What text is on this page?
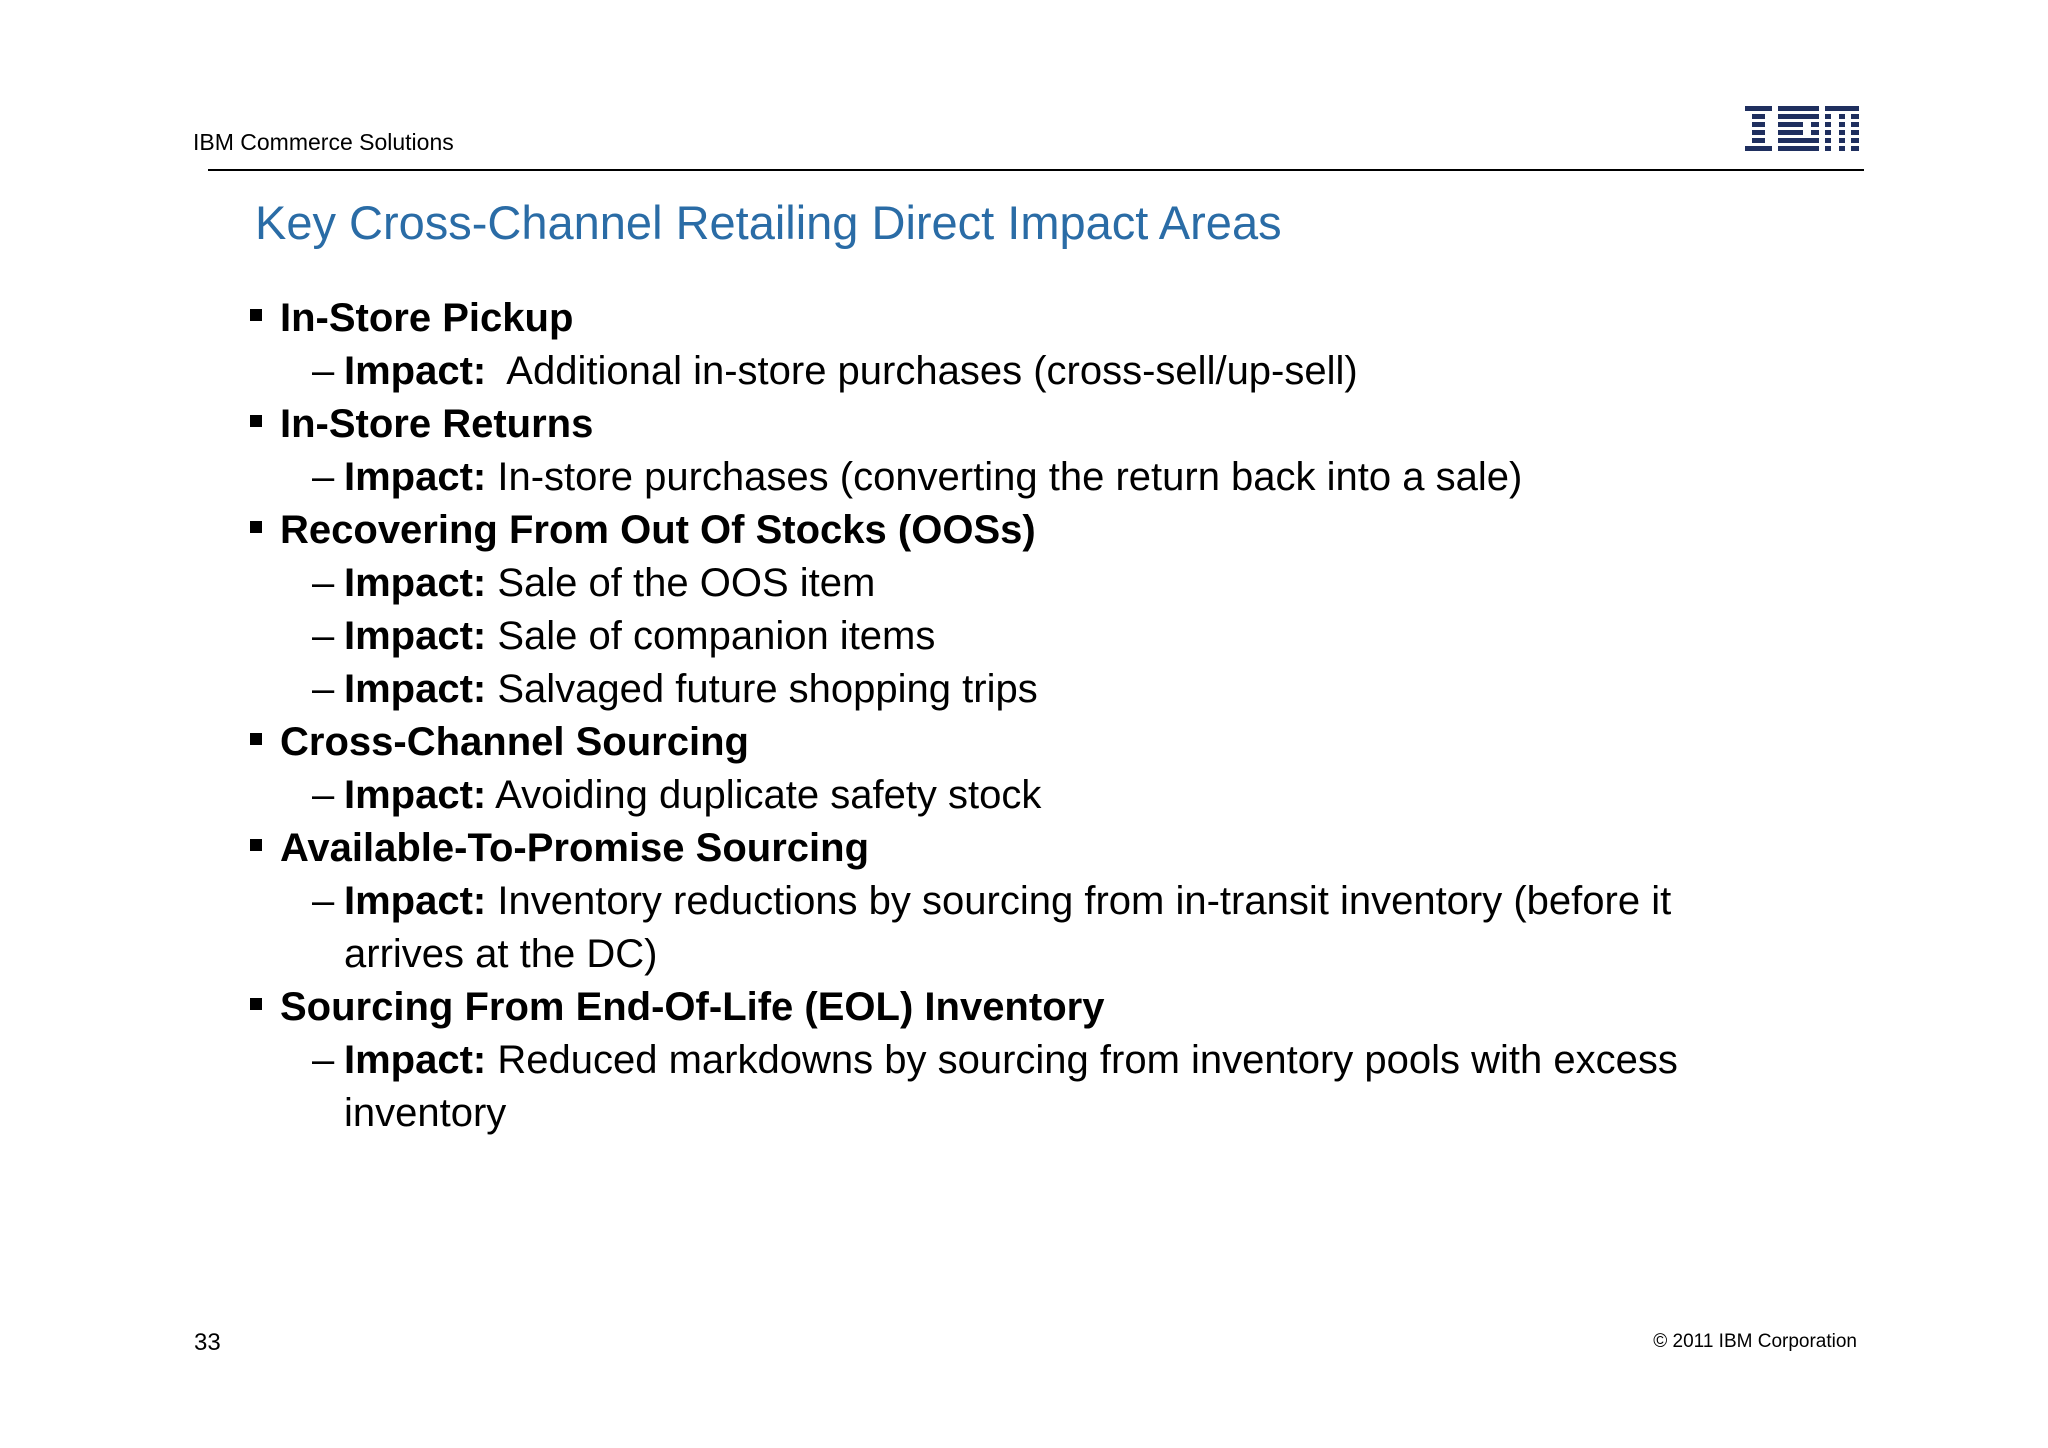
IBM Commerce Solutions
Key Cross-Channel Retailing Direct Impact Areas
In-Store Pickup
– Impact:  Additional in-store purchases (cross-sell/up-sell)
In-Store Returns
– Impact: In-store purchases (converting the return back into a sale)
Recovering From Out Of Stocks (OOSs)
– Impact: Sale of the OOS item
– Impact: Sale of companion items
– Impact: Salvaged future shopping trips
Cross-Channel Sourcing
– Impact: Avoiding duplicate safety stock
Available-To-Promise Sourcing
– Impact: Inventory reductions by sourcing from in-transit inventory (before it
arrives at the DC)
Sourcing From End-Of-Life (EOL) Inventory
– Impact: Reduced markdowns by sourcing from inventory pools with excess
inventory
33	© 2011 IBM Corporation
